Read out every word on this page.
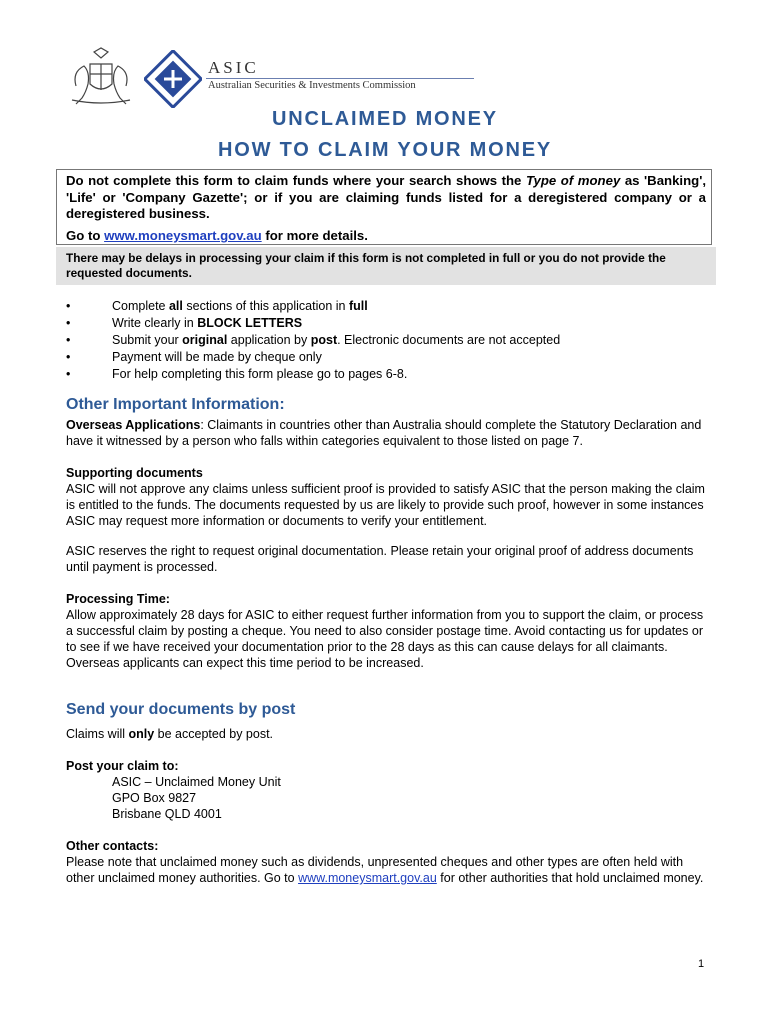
ASIC
Australian Securities & Investments Commission
UNCLAIMED MONEY
HOW TO CLAIM YOUR MONEY
Do not complete this form to claim funds where your search shows the Type of money as 'Banking', 'Life' or 'Company Gazette'; or if you are claiming funds listed for a deregistered company or a deregistered business.
Go to www.moneysmart.gov.au for more details.
There may be delays in processing your claim if this form is not completed in full or you do not provide the requested documents.
•	Complete all sections of this application in full
•	Write clearly in BLOCK LETTERS
•	Submit your original application by post. Electronic documents are not accepted
•	Payment will be made by cheque only
•	For help completing this form please go to pages 6-8.
Other Important Information:
Overseas Applications: Claimants in countries other than Australia should complete the Statutory Declaration and have it witnessed by a person who falls within categories equivalent to those listed on page 7.
Supporting documents
ASIC will not approve any claims unless sufficient proof is provided to satisfy ASIC that the person making the claim is entitled to the funds. The documents requested by us are likely to provide such proof, however in some instances ASIC may request more information or documents to verify your entitlement.
ASIC reserves the right to request original documentation. Please retain your original proof of address documents until payment is processed.
Processing Time:
Allow approximately 28 days for ASIC to either request further information from you to support the claim, or process a successful claim by posting a cheque. You need to also consider postage time. Avoid contacting us for updates or to see if we have received your documentation prior to the 28 days as this can cause delays for all claimants. Overseas applicants can expect this time period to be increased.
Send your documents by post
Claims will only be accepted by post.
Post your claim to:
ASIC – Unclaimed Money Unit
GPO Box 9827
Brisbane QLD 4001
Other contacts:
Please note that unclaimed money such as dividends, unpresented cheques and other types are often held with other unclaimed money authorities. Go to www.moneysmart.gov.au for other authorities that hold unclaimed money.
1
